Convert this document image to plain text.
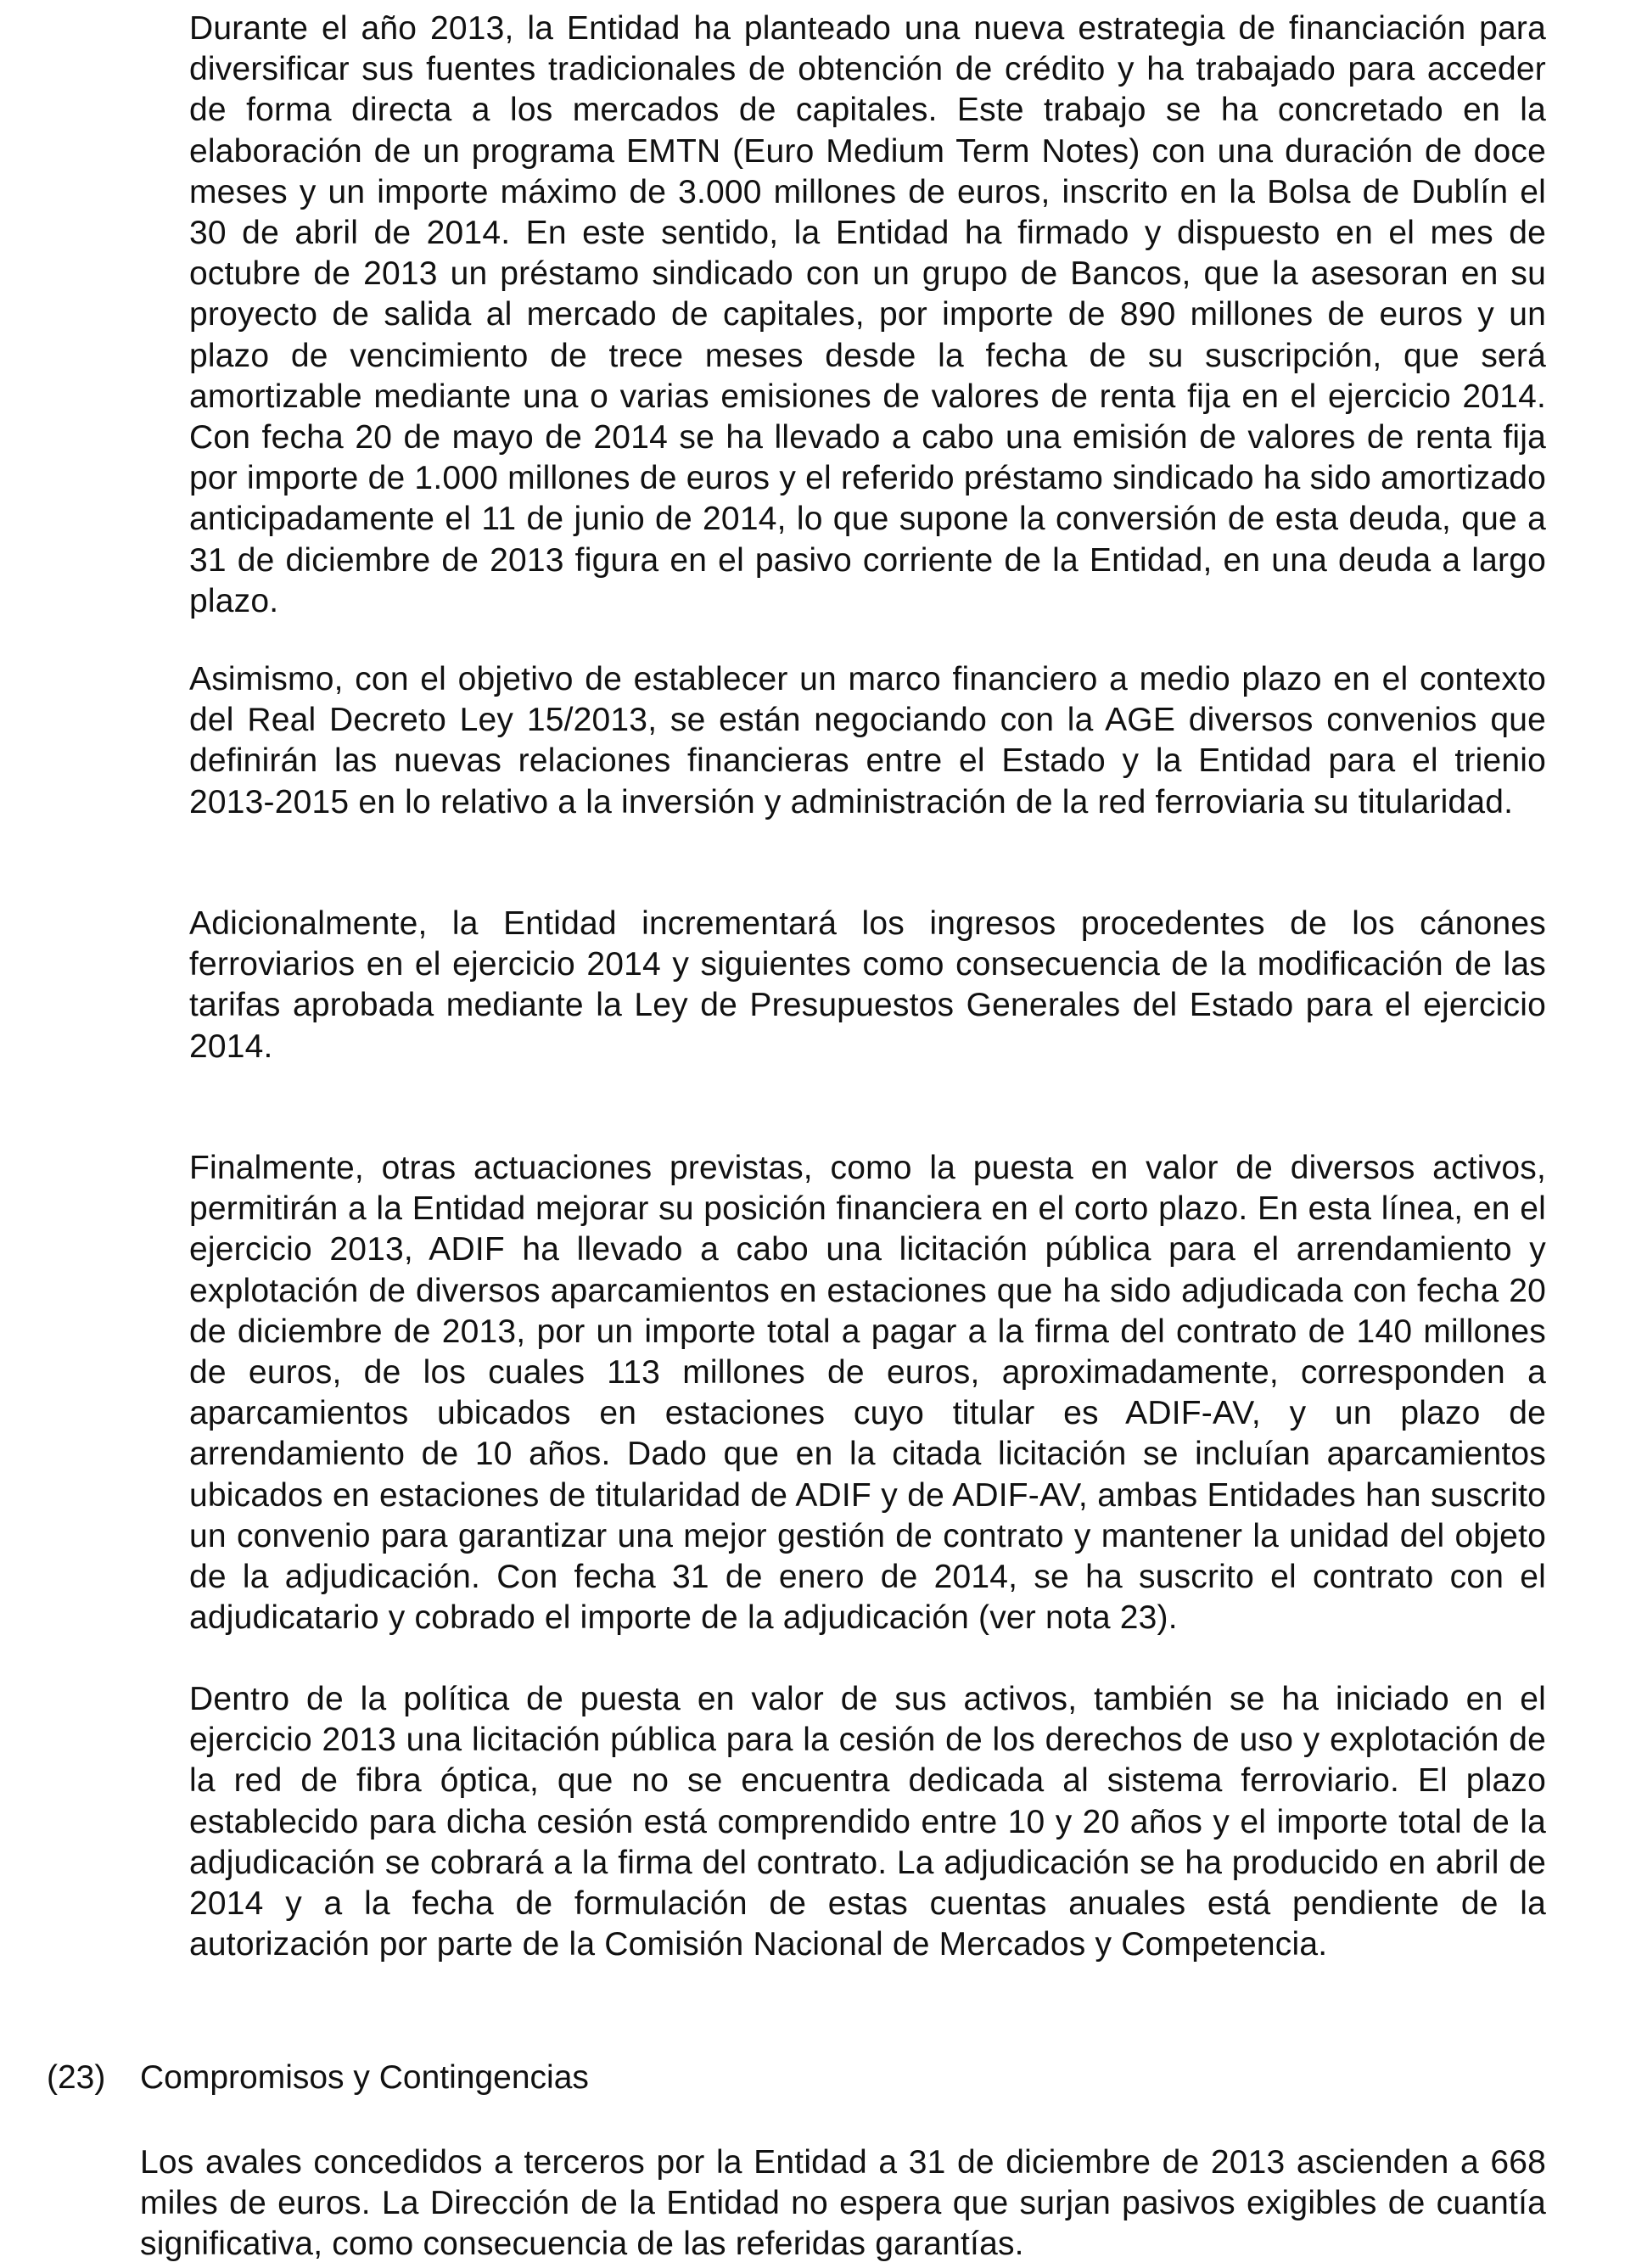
Durante el año 2013, la Entidad ha planteado una nueva estrategia de financiación para diversificar sus fuentes tradicionales de obtención de crédito y ha trabajado para acceder de forma directa a los mercados de capitales. Este trabajo se ha concretado en la elaboración de un programa EMTN (Euro Medium Term Notes) con una duración de doce meses y un importe máximo de 3.000 millones de euros, inscrito en la Bolsa de Dublín el 30 de abril de 2014. En este sentido, la Entidad ha firmado y dispuesto en el mes de octubre de 2013 un préstamo sindicado con un grupo de Bancos, que la asesoran en su proyecto de salida al mercado de capitales, por importe de 890 millones de euros y un plazo de vencimiento de trece meses desde la fecha de su suscripción, que será amortizable mediante una o varias emisiones de valores de renta fija en el ejercicio 2014. Con fecha 20 de mayo de 2014 se ha llevado a cabo una emisión de valores de renta fija por importe de 1.000 millones de euros y el referido préstamo sindicado ha sido amortizado anticipadamente el 11 de junio de 2014, lo que supone la conversión de esta deuda, que a 31 de diciembre de 2013 figura en el pasivo corriente de la Entidad, en una deuda a largo plazo.

Asimismo, con el objetivo de establecer un marco financiero a medio plazo en el contexto del Real Decreto Ley 15/2013, se están negociando con la AGE diversos convenios que definirán las nuevas relaciones financieras entre el Estado y la Entidad para el trienio 2013-2015 en lo relativo a la inversión y administración de la red ferroviaria su titularidad.

Adicionalmente, la Entidad incrementará los ingresos procedentes de los cánones ferroviarios en el ejercicio 2014 y siguientes como consecuencia de la modificación de las tarifas aprobada mediante la Ley de Presupuestos Generales del Estado para el ejercicio 2014.

Finalmente, otras actuaciones previstas, como la puesta en valor de diversos activos, permitirán a la Entidad mejorar su posición financiera en el corto plazo. En esta línea, en el ejercicio 2013, ADIF ha llevado a cabo una licitación pública para el arrendamiento y explotación de diversos aparcamientos en estaciones que ha sido adjudicada con fecha 20 de diciembre de 2013, por un importe total a pagar a la firma del contrato de 140 millones de euros, de los cuales 113 millones de euros, aproximadamente, corresponden a aparcamientos ubicados en estaciones cuyo titular es ADIF-AV, y un plazo de arrendamiento de 10 años. Dado que en la citada licitación se incluían aparcamientos ubicados en estaciones de titularidad de ADIF y de ADIF-AV, ambas Entidades han suscrito un convenio para garantizar una mejor gestión de contrato y mantener la unidad del objeto de la adjudicación. Con fecha 31 de enero de 2014, se ha suscrito el contrato con el adjudicatario y cobrado el importe de la adjudicación (ver nota 23).

Dentro de la política de puesta en valor de sus activos, también se ha iniciado en el ejercicio 2013 una licitación pública para la cesión de los derechos de uso y explotación de la red de fibra óptica, que no se encuentra dedicada al sistema ferroviario. El plazo establecido para dicha cesión está comprendido entre 10 y 20 años y el importe total de la adjudicación se cobrará a la firma del contrato. La adjudicación se ha producido en abril de 2014 y a la fecha de formulación de estas cuentas anuales está pendiente de la autorización por parte de la Comisión Nacional de Mercados y Competencia.

(23) Compromisos y Contingencias

Los avales concedidos a terceros por la Entidad a 31 de diciembre de 2013 ascienden a 668 miles de euros. La Dirección de la Entidad no espera que surjan pasivos exigibles de cuantía significativa, como consecuencia de las referidas garantías.
